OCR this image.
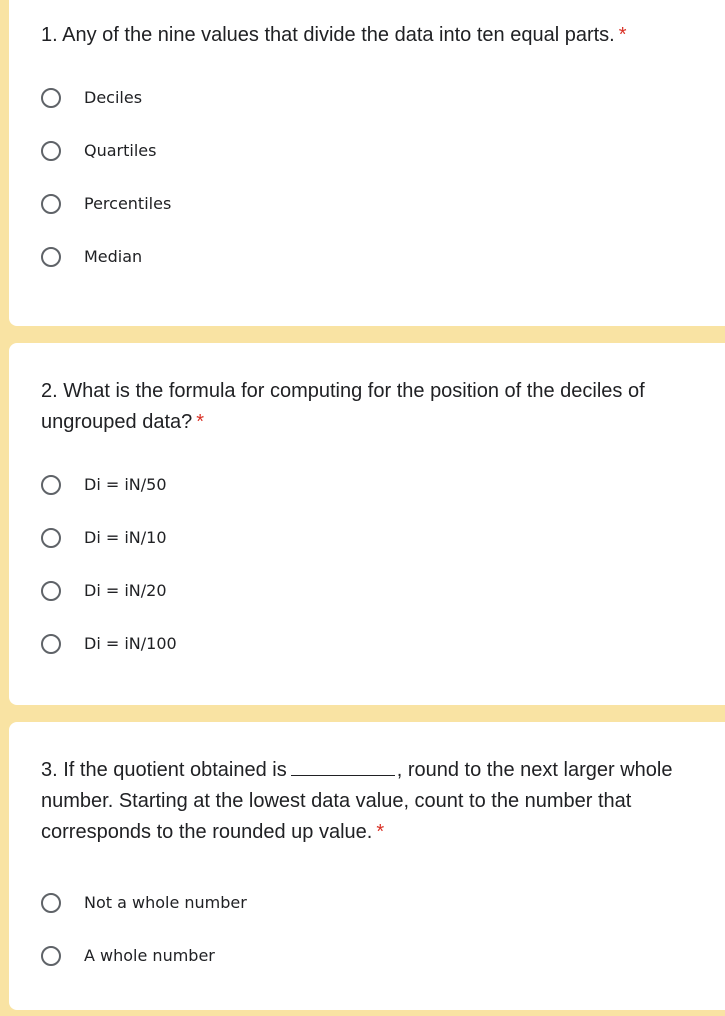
1. Any of the nine values that divide the data into ten equal parts. *

Deciles
Quartiles
Percentiles
Median

2. What is the formula for computing for the position of the deciles of ungrouped data? *

Di = iN/50
Di = iN/10
Di = iN/20
Di = iN/100

3. If the quotient obtained is	, round to the next larger whole number. Starting at the lowest data value, count to the number that corresponds to the rounded up value. *

Not a whole number
A whole number
